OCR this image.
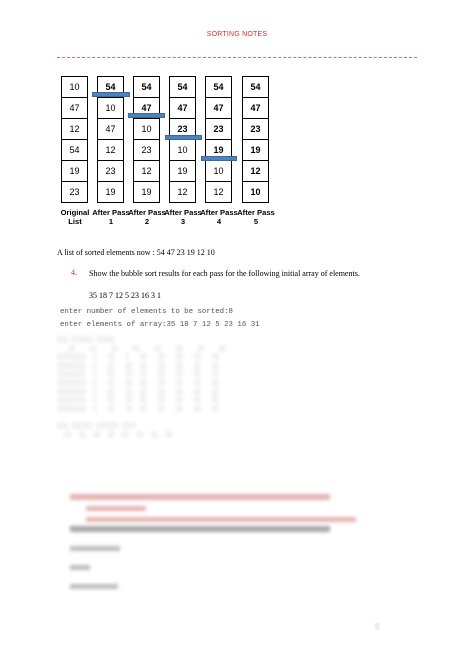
SORTING NOTES
10
47
12
54
19
23
Original List
54
10
47
12
23
19
After Pass 1
54
47
10
23
12
19
After Pass 2
54
47
23
10
19
12
After Pass 3
54
47
23
19
10
12
After Pass 4
54
47
23
19
12
10
After Pass 5
A list of sorted elements now : 54 47 23 19 12 10
4. Show the bubble sort results for each pass for the following initial array of elements.
35 18 7 12 5 23 16 3 1
enter number of elements to be sorted:8
enter elements of array:35 18 7 12 5 23 16 31
░░░ ░░░░░░ ░░░░░
░░    ░░    ░░    ░░    ░░    ░░    ░░    ░░
░░░░░░░░  ░   ░░   ░   ░░   ░░   ░░   ░░   ░░
░░░░░░░░  ░   ░░   ░░  ░░   ░░   ░░   ░░   ░░
░░░░░░░░  ░   ░░   ░░  ░░   ░░   ░░   ░░   ░░
░░░░░░░░  ░   ░░   ░░  ░░   ░░   ░░   ░░   ░░
░░░░░░░░  ░   ░░   ░░  ░░   ░░   ░░   ░░   ░░
░░░░░░░░  ░   ░░   ░░  ░░   ░░   ░░   ░░   ░░
░░░░░░░░  ░   ░░   ░░  ░░   ░░   ░░   ░░   ░░

░░░ ░░░░░░ ░░░░░░ ░░░░
░░  ░░  ░░  ░░  ░░  ░░  ░░  ░░
░
